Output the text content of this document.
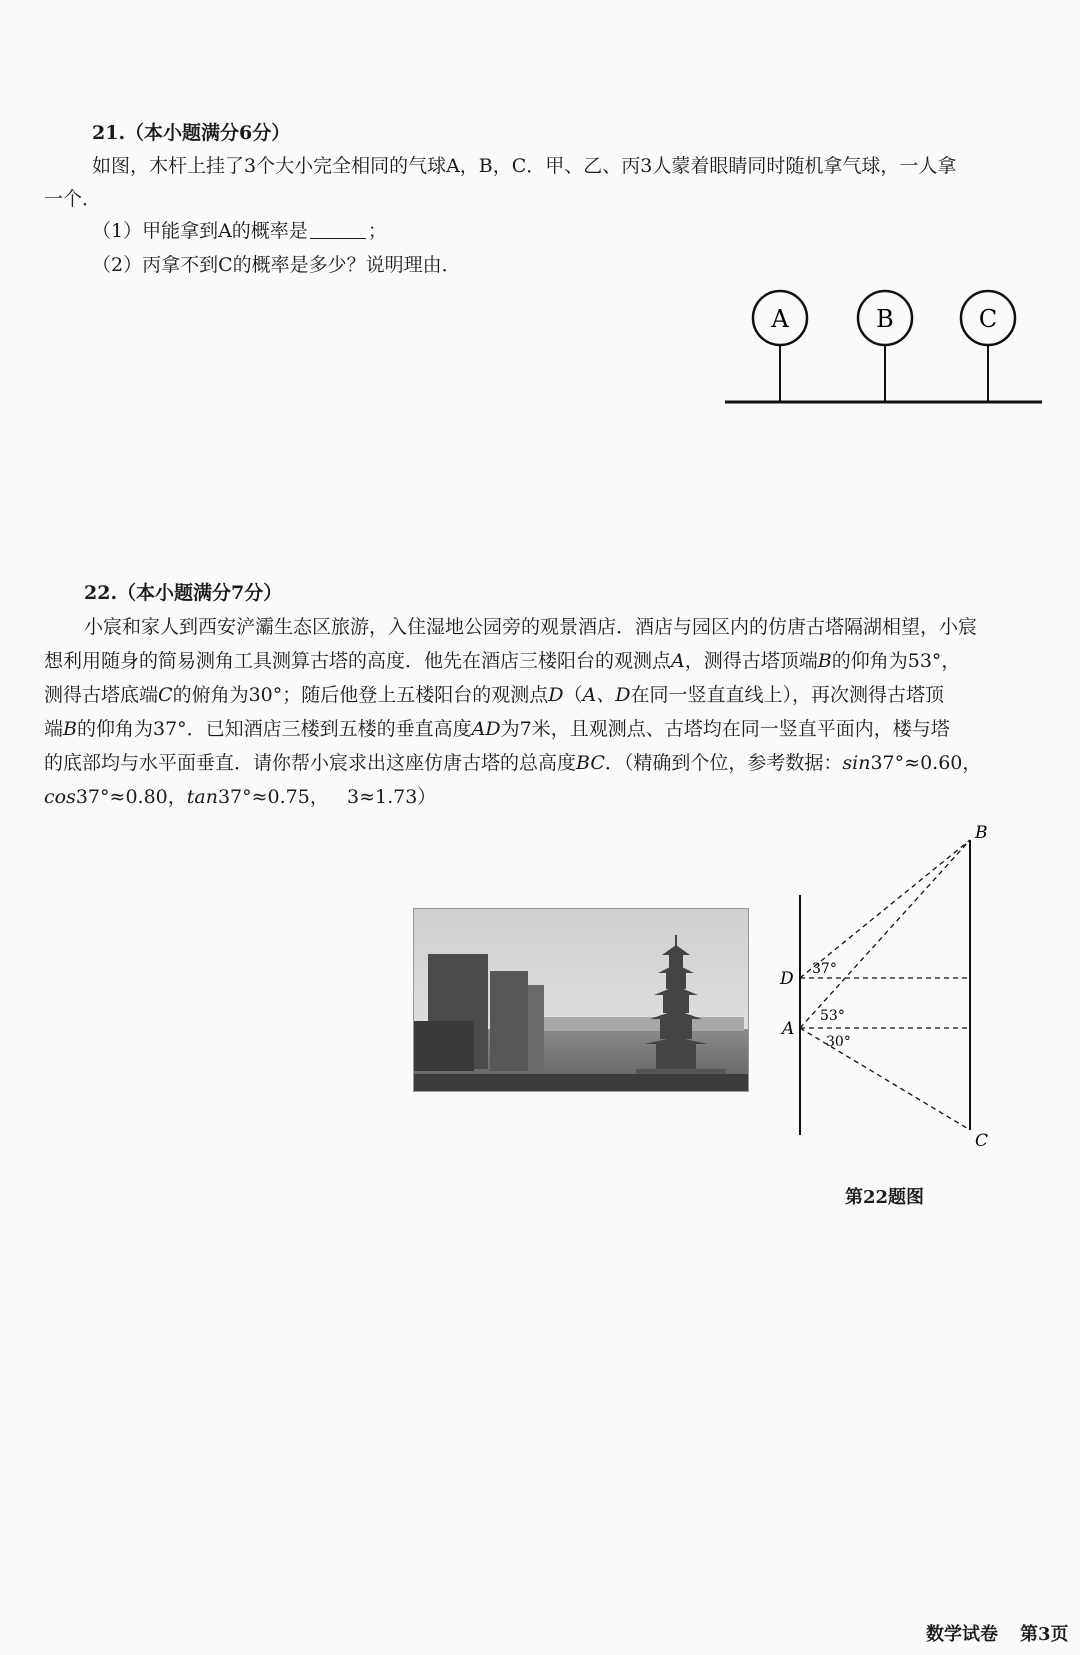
21.（本小题满分6分）
如图，木杆上挂了3个大小完全相同的气球A，B，C．甲、乙、丙3人蒙着眼睛同时随机拿气球，一人拿
一个．
（1）甲能拿到A的概率是	；
（2）丙拿不到C的概率是多少？说明理由．
A	B	C
22.（本小题满分7分）
小宸和家人到西安浐灞生态区旅游，入住湿地公园旁的观景酒店．酒店与园区内的仿唐古塔隔湖相望，小宸
想利用随身的简易测角工具测算古塔的高度．他先在酒店三楼阳台的观测点A，测得古塔顶端B的仰角为53°，
测得古塔底端C的俯角为30°；随后他登上五楼阳台的观测点D（A、D在同一竖直直线上），再次测得古塔顶
端B的仰角为37°．已知酒店三楼到五楼的垂直高度AD为7米，且观测点、古塔均在同一竖直平面内，楼与塔
的底部均与水平面垂直．请你帮小宸求出这座仿唐古塔的总高度BC．（精确到个位，参考数据：sin37°≈0.60，
cos37°≈0.80，tan37°≈0.75， 3≈1.73）
B
D
A
C
37°
53°
30°
第22题图
数学试卷 第3页
